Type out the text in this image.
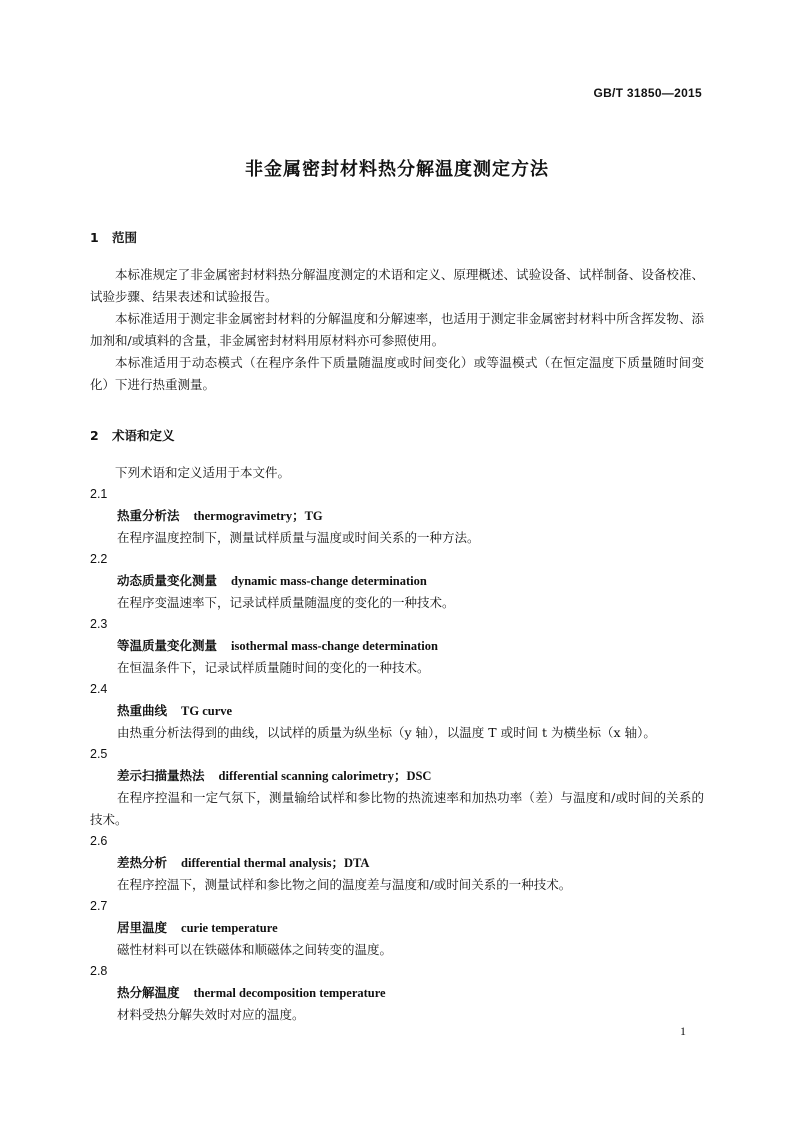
GB/T 31850—2015
非金属密封材料热分解温度测定方法
1 范围

本标准规定了非金属密封材料热分解温度测定的术语和定义、原理概述、试验设备、试样制备、设备校准、试验步骤、结果表述和试验报告。

本标准适用于测定非金属密封材料的分解温度和分解速率，也适用于测定非金属密封材料中所含挥发物、添加剂和/或填料的含量，非金属密封材料用原材料亦可参照使用。

本标准适用于动态模式（在程序条件下质量随温度或时间变化）或等温模式（在恒定温度下质量随时间变化）下进行热重测量。

2 术语和定义

下列术语和定义适用于本文件。

2.1
热重分析法 thermogravimetry；TG

在程序温度控制下，测量试样质量与温度或时间关系的一种方法。

2.2
动态质量变化测量 dynamic mass-change determination

在程序变温速率下，记录试样质量随温度的变化的一种技术。

2.3
等温质量变化测量 isothermal mass-change determination

在恒温条件下，记录试样质量随时间的变化的一种技术。

2.4
热重曲线 TG curve

由热重分析法得到的曲线，以试样的质量为纵坐标（y 轴），以温度 T 或时间 t 为横坐标（x 轴）。

2.5
差示扫描量热法 differential scanning calorimetry；DSC

在程序控温和一定气氛下，测量输给试样和参比物的热流速率和加热功率（差）与温度和/或时间的关系的技术。

2.6
差热分析 differential thermal analysis；DTA

在程序控温下，测量试样和参比物之间的温度差与温度和/或时间关系的一种技术。

2.7
居里温度 curie temperature

磁性材料可以在铁磁体和顺磁体之间转变的温度。

2.8
热分解温度 thermal decomposition temperature

材料受热分解失效时对应的温度。

1
